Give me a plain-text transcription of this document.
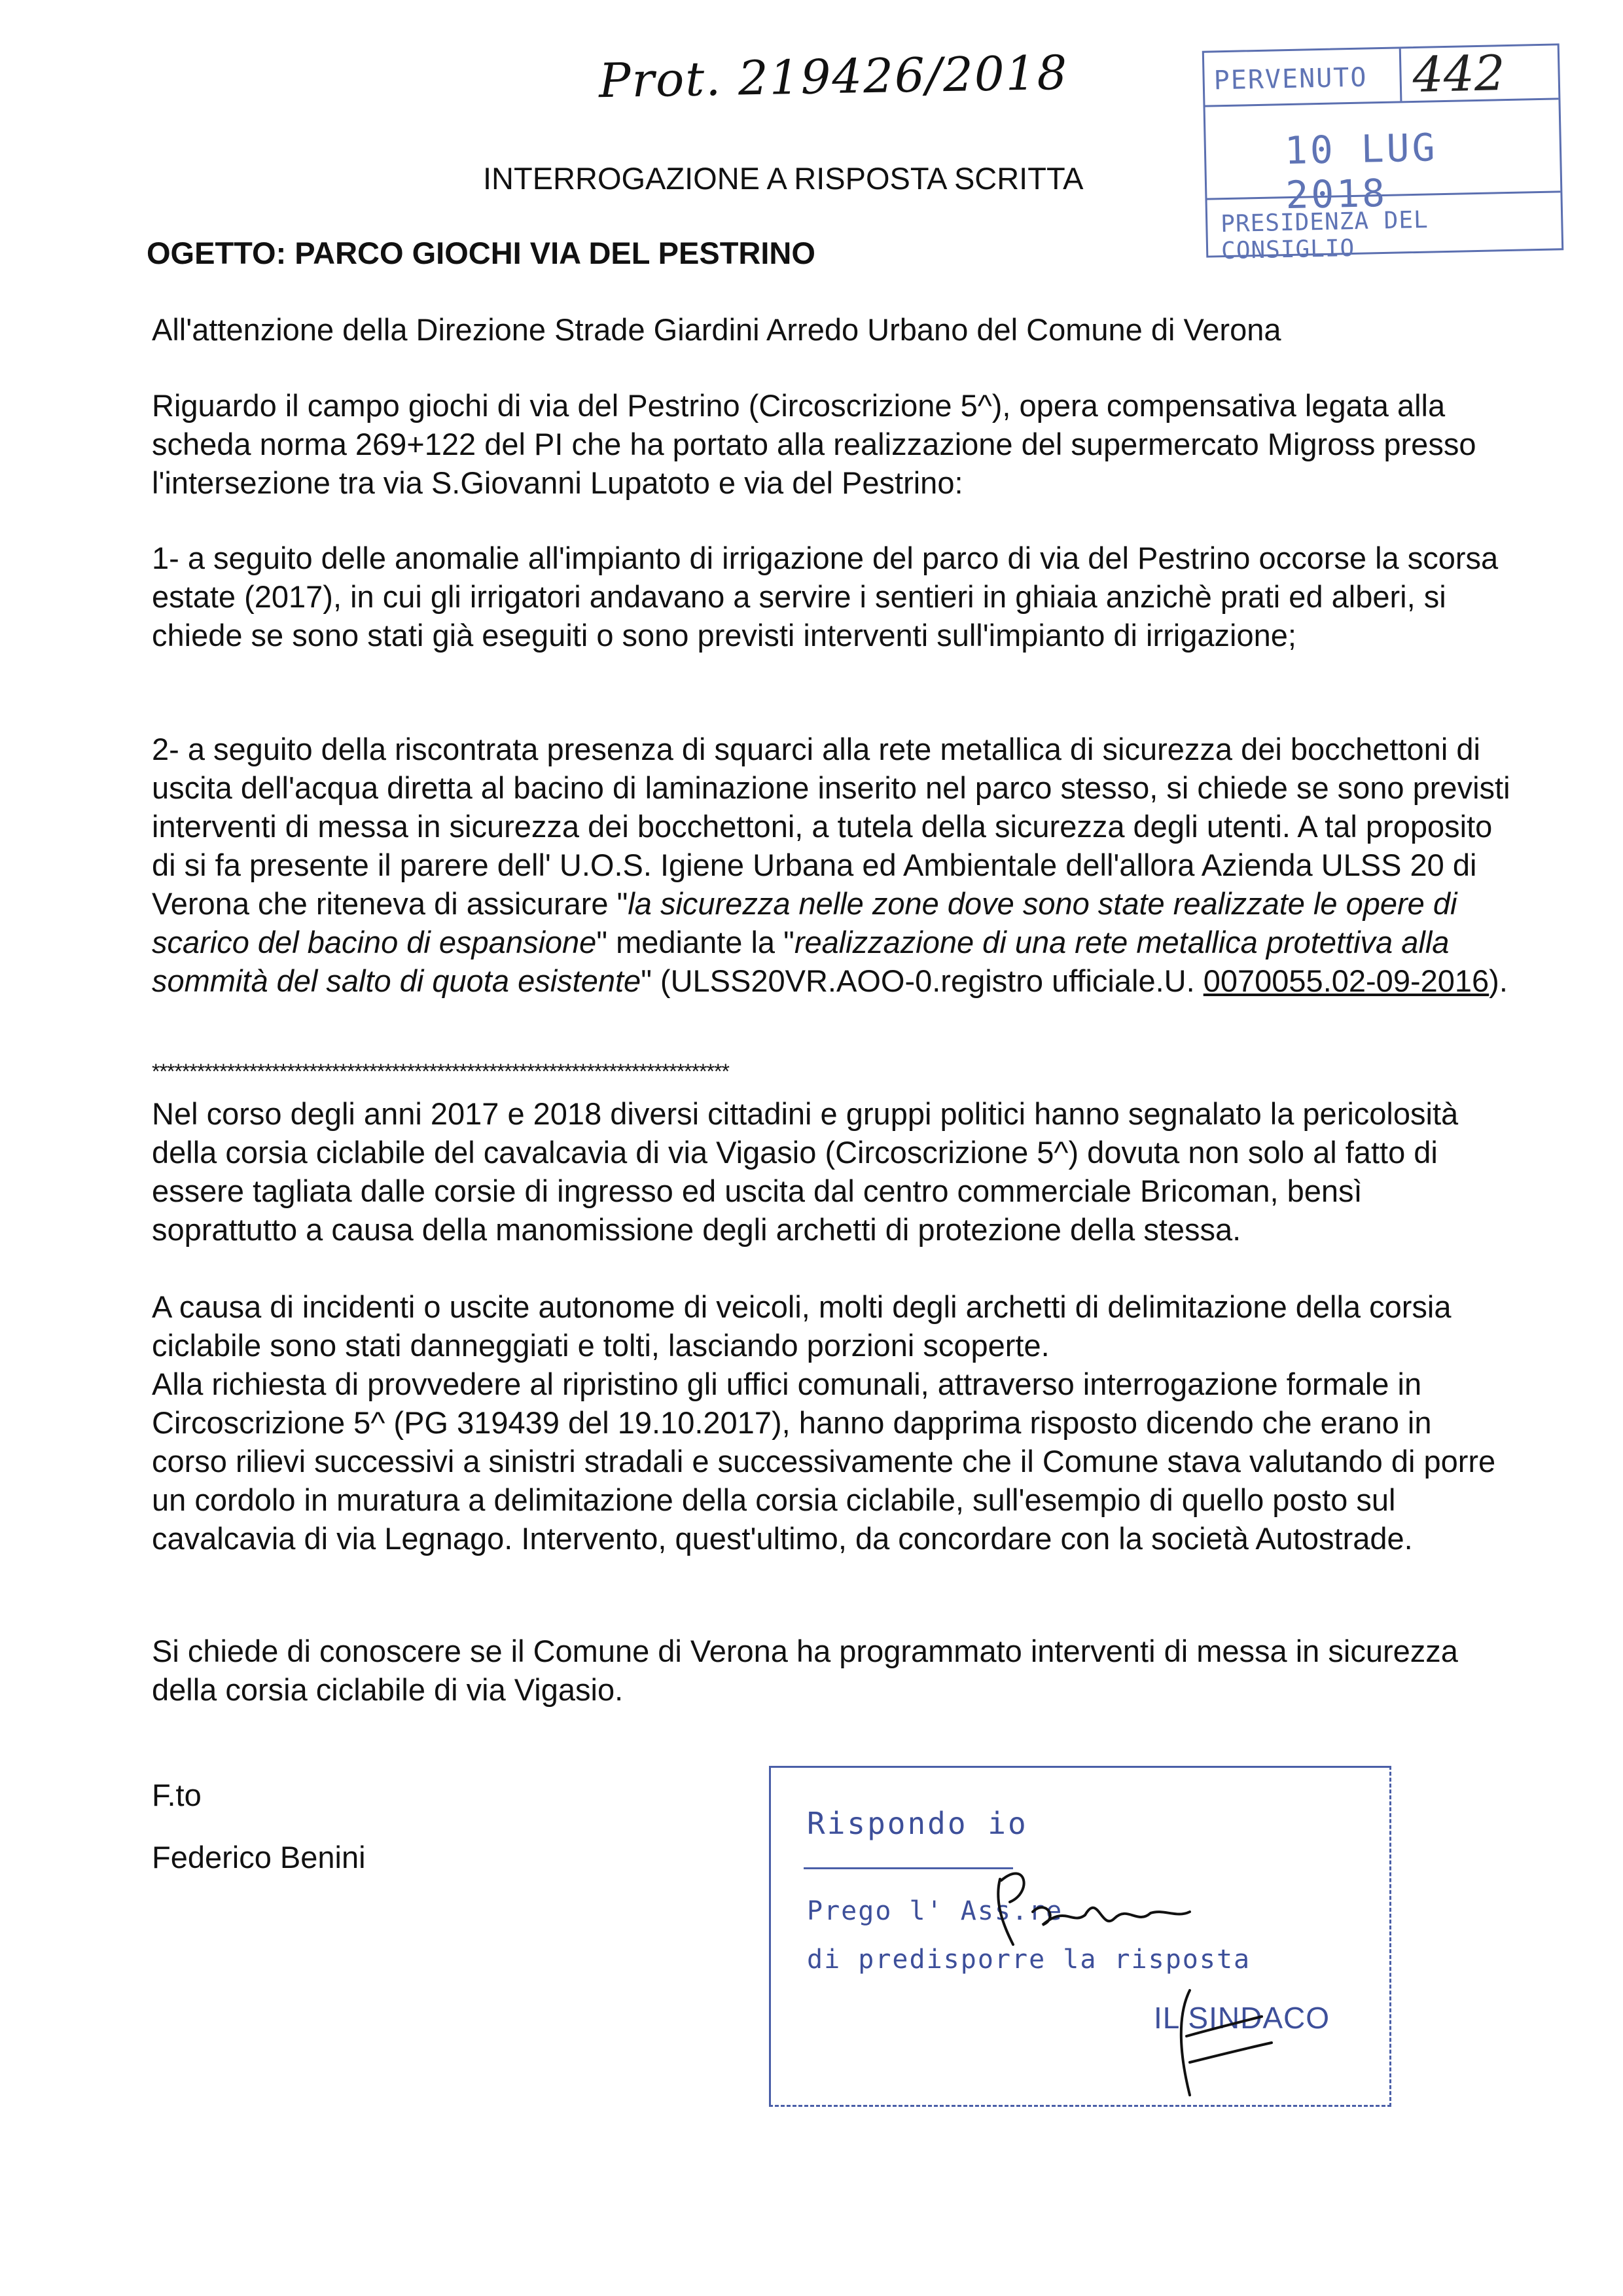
Prot. 219426/2018	PERVENUTO 442
10 LUG 2018
PRESIDENZA DEL CONSIGLIO
INTERROGAZIONE A RISPOSTA SCRITTA
OGETTO: PARCO GIOCHI VIA DEL PESTRINO
All'attenzione della Direzione Strade Giardini Arredo Urbano del Comune di Verona
Riguardo il campo giochi di via del Pestrino (Circoscrizione 5^), opera compensativa legata alla scheda norma 269+122 del PI che ha portato alla realizzazione del supermercato Migross presso l'intersezione tra via S.Giovanni Lupatoto e via del Pestrino:
1- a seguito delle anomalie all'impianto di irrigazione del parco di via del Pestrino occorse la scorsa estate (2017), in cui gli irrigatori andavano a servire i sentieri in ghiaia anzichè prati ed alberi, si chiede se sono stati già eseguiti o sono previsti interventi sull'impianto di irrigazione;
2- a seguito della riscontrata presenza di squarci alla rete metallica di sicurezza dei bocchettoni di uscita dell'acqua diretta al bacino di laminazione inserito nel parco stesso, si chiede se sono previsti interventi di messa in sicurezza dei bocchettoni, a tutela della sicurezza degli utenti. A tal proposito di si fa presente il parere dell' U.O.S. Igiene Urbana ed Ambientale dell'allora Azienda ULSS 20 di Verona che riteneva di assicurare "la sicurezza nelle zone dove sono state realizzate le opere di scarico del bacino di espansione" mediante la "realizzazione di una rete metallica protettiva alla sommità del salto di quota esistente" (ULSS20VR.AOO-0.registro ufficiale.U. 0070055.02-09-2016).
*****************************************************************************
Nel corso degli anni 2017 e 2018 diversi cittadini e gruppi politici hanno segnalato la pericolosità della corsia ciclabile del cavalcavia di via Vigasio (Circoscrizione 5^) dovuta non solo al fatto di essere tagliata dalle corsie di ingresso ed uscita dal centro commerciale Bricoman, bensì soprattutto a causa della manomissione degli archetti di protezione della stessa.
A causa di incidenti o uscite autonome di veicoli, molti degli archetti di delimitazione della corsia ciclabile sono stati danneggiati e tolti, lasciando porzioni scoperte.
Alla richiesta di provvedere al ripristino gli uffici comunali, attraverso interrogazione formale in Circoscrizione 5^ (PG 319439 del 19.10.2017), hanno dapprima risposto dicendo che erano in corso rilievi successivi a sinistri stradali e successivamente che il Comune stava valutando di porre un cordolo in muratura a delimitazione della corsia ciclabile, sull'esempio di quello posto sul cavalcavia di via Legnago. Intervento, quest'ultimo, da concordare con la società Autostrade.
Si chiede di conoscere se il Comune di Verona ha programmato interventi di messa in sicurezza della corsia ciclabile di via Vigasio.
F.to
Federico Benini
Rispondo io
Prego l' Ass.re
di predisporre la risposta
IL SINDACO
